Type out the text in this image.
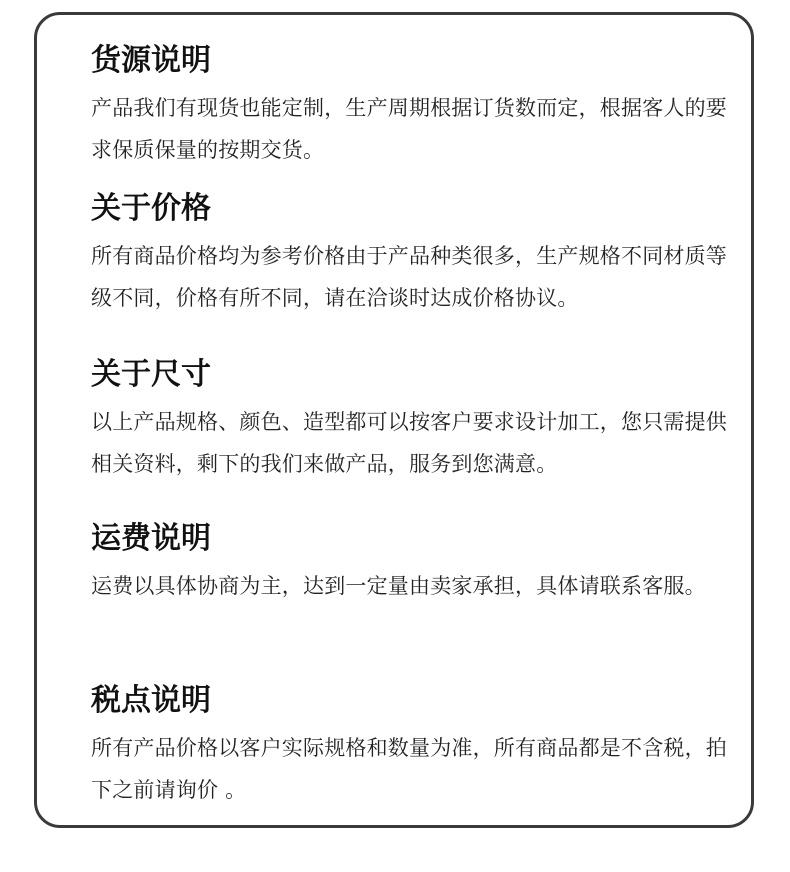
货源说明

产品我们有现货也能定制，生产周期根据订货数而定，根据客人的要求保质保量的按期交货。

关于价格

所有商品价格均为参考价格由于产品种类很多，生产规格不同材质等级不同，价格有所不同，请在洽谈时达成价格协议。

关于尺寸

以上产品规格、颜色、造型都可以按客户要求设计加工，您只需提供相关资料，剩下的我们来做产品，服务到您满意。

运费说明

运费以具体协商为主，达到一定量由卖家承担，具体请联系客服。

税点说明

所有产品价格以客户实际规格和数量为准，所有商品都是不含税，拍下之前请询价 。
